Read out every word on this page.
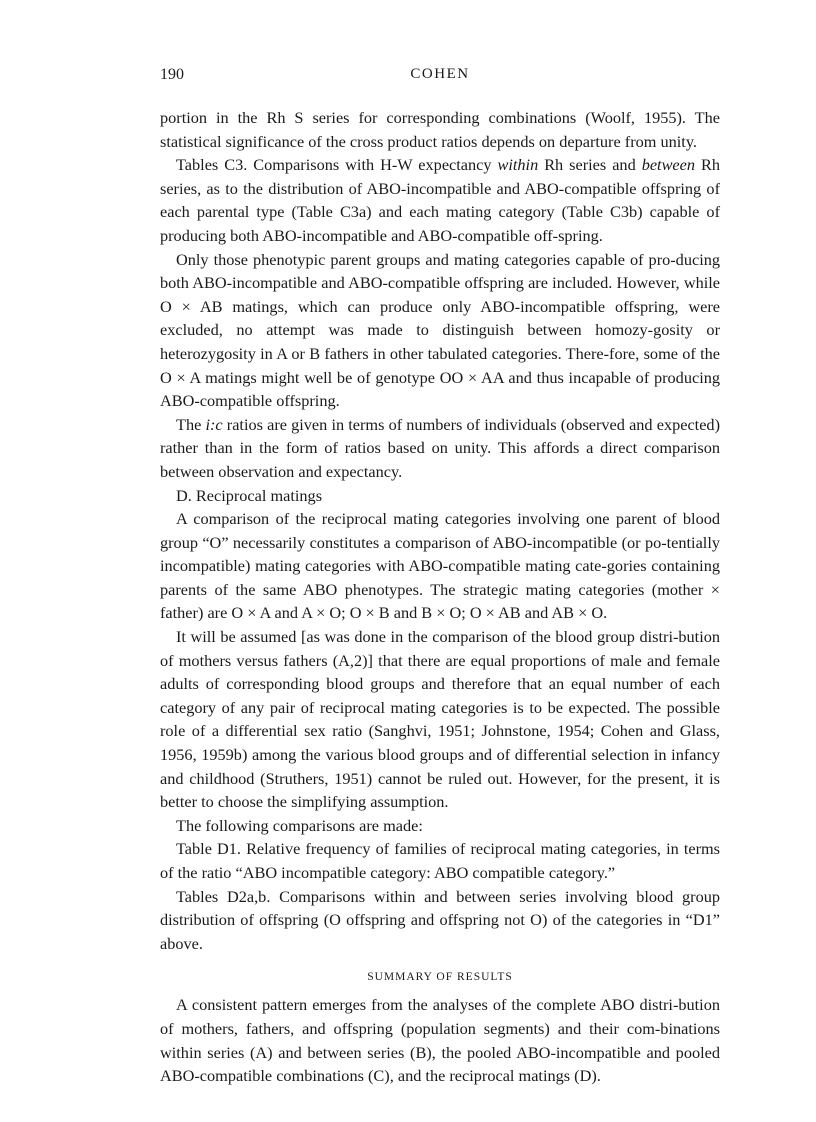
190	COHEN

portion in the Rh S series for corresponding combinations (Woolf, 1955). The statistical significance of the cross product ratios depends on departure from unity.

Tables C3. Comparisons with H-W expectancy within Rh series and between Rh series, as to the distribution of ABO-incompatible and ABO-compatible offspring of each parental type (Table C3a) and each mating category (Table C3b) capable of producing both ABO-incompatible and ABO-compatible off-spring.

Only those phenotypic parent groups and mating categories capable of pro-ducing both ABO-incompatible and ABO-compatible offspring are included. However, while O × AB matings, which can produce only ABO-incompatible offspring, were excluded, no attempt was made to distinguish between homozy-gosity or heterozygosity in A or B fathers in other tabulated categories. There-fore, some of the O × A matings might well be of genotype OO × AA and thus incapable of producing ABO-compatible offspring.

The i:c ratios are given in terms of numbers of individuals (observed and expected) rather than in the form of ratios based on unity. This affords a direct comparison between observation and expectancy.

D. Reciprocal matings

A comparison of the reciprocal mating categories involving one parent of blood group “O” necessarily constitutes a comparison of ABO-incompatible (or po-tentially incompatible) mating categories with ABO-compatible mating cate-gories containing parents of the same ABO phenotypes. The strategic mating categories (mother × father) are O × A and A × O; O × B and B × O; O × AB and AB × O.

It will be assumed [as was done in the comparison of the blood group distri-bution of mothers versus fathers (A,2)] that there are equal proportions of male and female adults of corresponding blood groups and therefore that an equal number of each category of any pair of reciprocal mating categories is to be expected. The possible role of a differential sex ratio (Sanghvi, 1951; Johnstone, 1954; Cohen and Glass, 1956, 1959b) among the various blood groups and of differential selection in infancy and childhood (Struthers, 1951) cannot be ruled out. However, for the present, it is better to choose the simplifying assumption.

The following comparisons are made:

Table D1. Relative frequency of families of reciprocal mating categories, in terms of the ratio “ABO incompatible category: ABO compatible category.”

Tables D2a,b. Comparisons within and between series involving blood group distribution of offspring (O offspring and offspring not O) of the categories in “D1” above.

SUMMARY OF RESULTS

A consistent pattern emerges from the analyses of the complete ABO distri-bution of mothers, fathers, and offspring (population segments) and their com-binations within series (A) and between series (B), the pooled ABO-incompatible and pooled ABO-compatible combinations (C), and the reciprocal matings (D).
